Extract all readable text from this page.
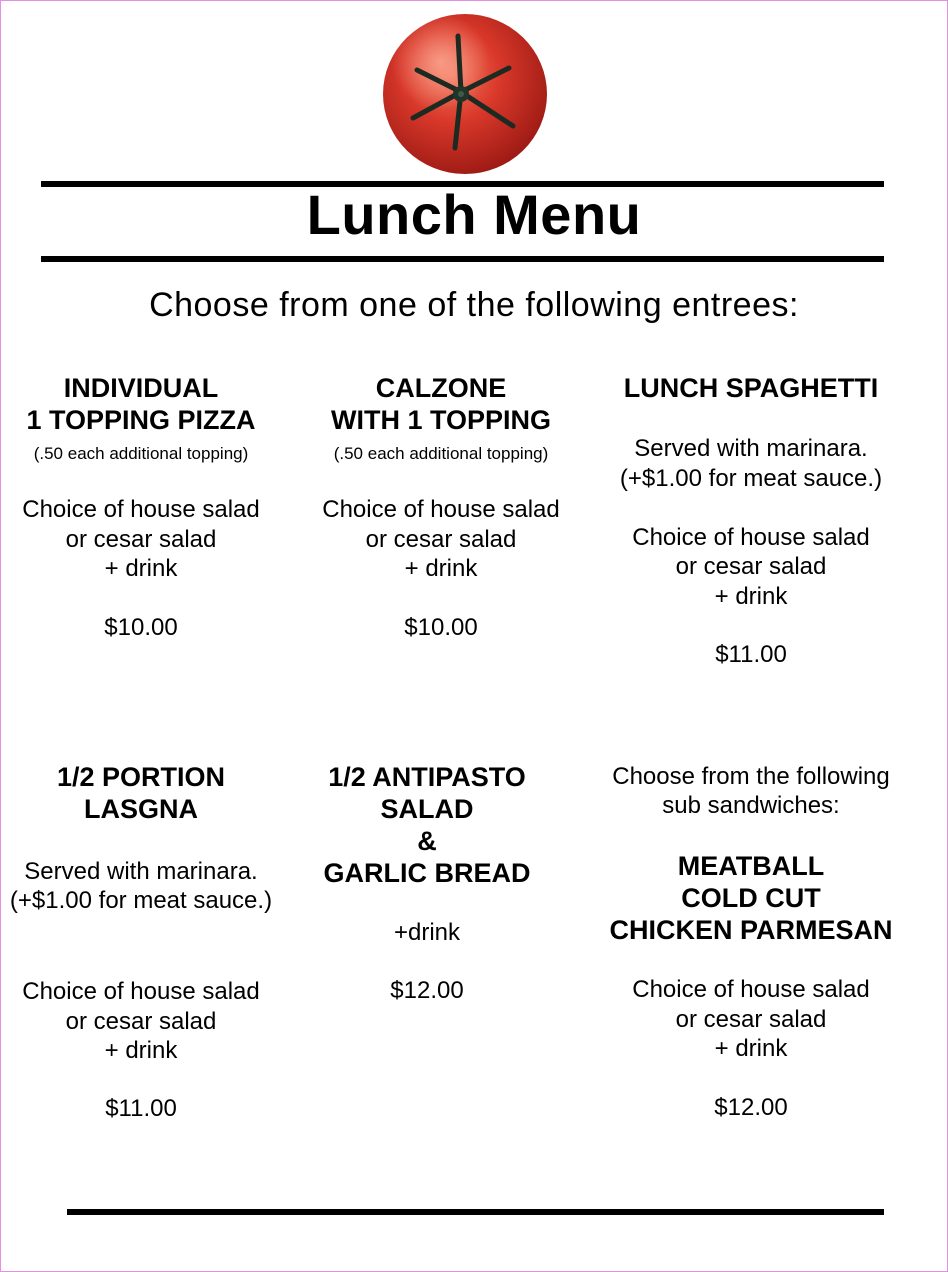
Lunch Menu
Choose from one of the following entrees:
INDIVIDUAL
1 TOPPING PIZZA
(.50 each additional topping)
Choice of house salad
or cesar salad
+ drink
$10.00
CALZONE
WITH 1 TOPPING
(.50 each additional topping)
Choice of house salad
or cesar salad
+ drink
$10.00
LUNCH SPAGHETTI
Served with marinara.
(+$1.00 for meat sauce.)
Choice of house salad
or cesar salad
+ drink
$11.00
1/2 PORTION
LASGNA
Served with marinara.
(+$1.00 for meat sauce.)
Choice of house salad
or cesar salad
+ drink
$11.00
1/2 ANTIPASTO
SALAD
&
GARLIC BREAD
+drink
$12.00
Choose from the following
sub sandwiches:
MEATBALL
COLD CUT
CHICKEN PARMESAN
Choice of house salad
or cesar salad
+ drink
$12.00
